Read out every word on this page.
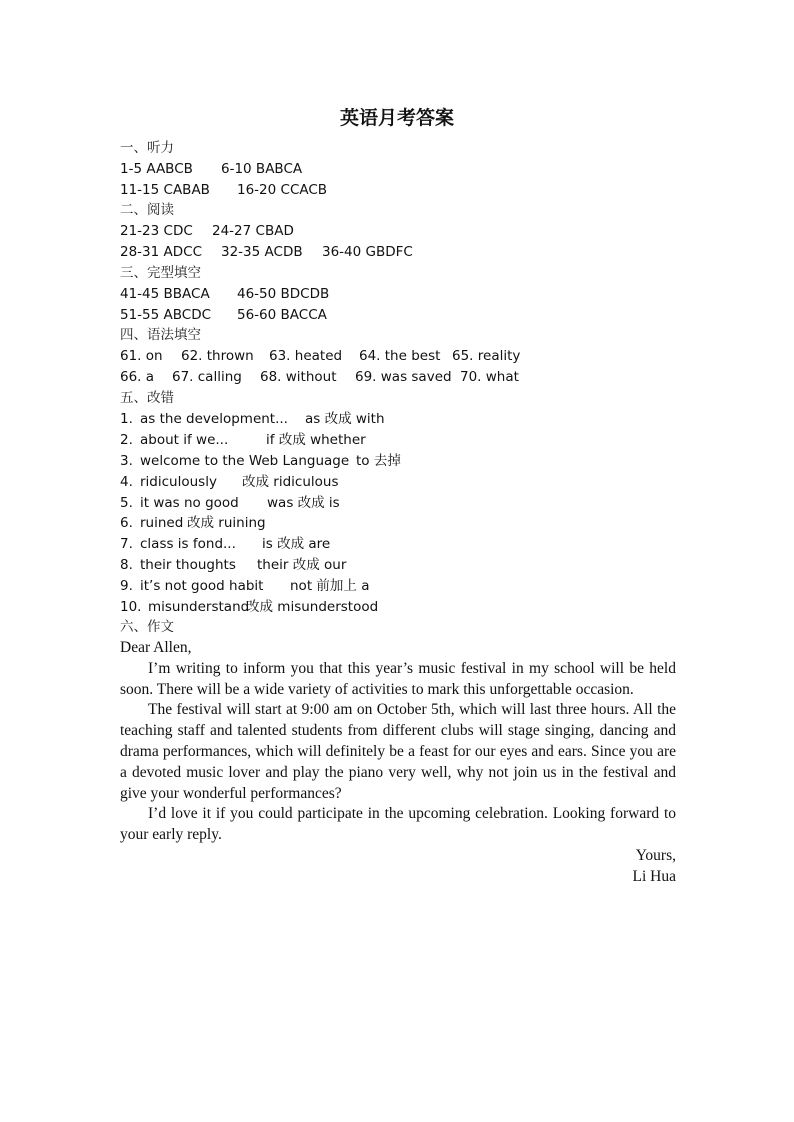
英语月考答案
一、听力
1-5 AABCB 6-10 BABCA
11-15 CABAB 16-20 CCACB
二、阅读
21-23 CDC 24-27 CBAD
28-31 ADCC 32-35 ACDB 36-40 GBDFC
三、完型填空
41-45 BBACA 46-50 BDCDB
51-55 ABCDC 56-60 BACCA
四、语法填空
61. on 62. thrown 63. heated 64. the best 65. reality
66. a 67. calling 68. without 69. was saved 70. what
五、改错
1. as the development... as 改成 with
2. about if we...	if 改成 whether
3. welcome to the Web Language to 去掉
4. ridiculously 改成 ridiculous
5. it was no good was 改成 is
6. ruined 改成 ruining
7. class is fond... is 改成 are
8. their thoughts their 改成 our
9. it’s not good habit not 前加上 a
10. misunderstand改成 misunderstood
六、作文

Dear Allen,

I’m writing to inform you that this year’s music festival in my school will be held soon. There will be a wide variety of activities to mark this unforgettable occasion.

The festival will start at 9:00 am on October 5th, which will last three hours. All the teaching staff and talented students from different clubs will stage singing, dancing and drama performances, which will definitely be a feast for our eyes and ears. Since you are a devoted music lover and play the piano very well, why not join us in the festival and give your wonderful performances?

I’d love it if you could participate in the upcoming celebration. Looking forward to your early reply.

Yours,

Li Hua
